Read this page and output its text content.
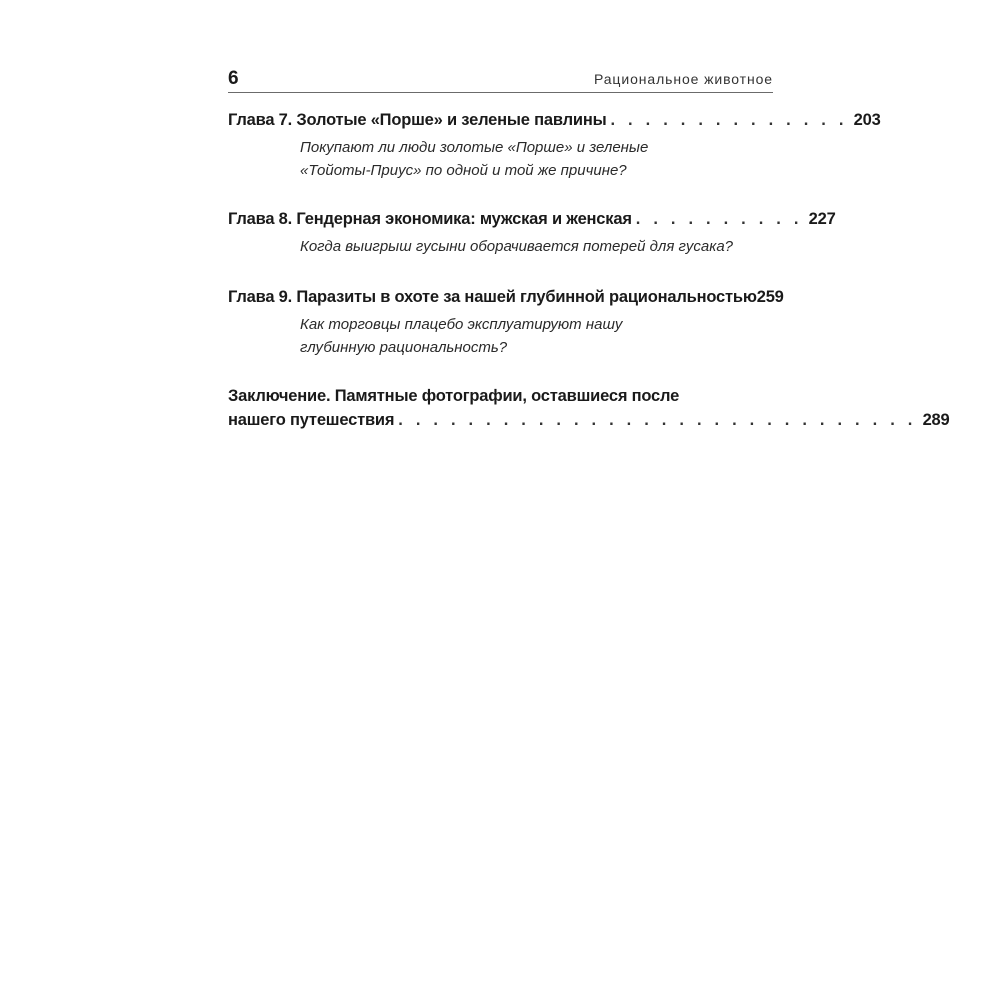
6	Рациональное животное
Глава 7. Золотые «Порше» и зеленые павлины . . . . . . . . . . . . . . 203
Покупают ли люди золотые «Порше» и зеленые
«Тойоты-Приус» по одной и той же причине?
Глава 8. Гендерная экономика: мужская и женская . . . . . . . . . . 227
Когда выигрыш гусыни оборачивается потерей для гусака?
Глава 9. Паразиты в охоте за нашей глубинной рациональностью 259
Как торговцы плацебо эксплуатируют нашу
глубинную рациональность?
Заключение. Памятные фотографии, оставшиеся после
нашего путешествия . . . . . . . . . . . . . . . . . . . . . . . . . . . . . . 289
